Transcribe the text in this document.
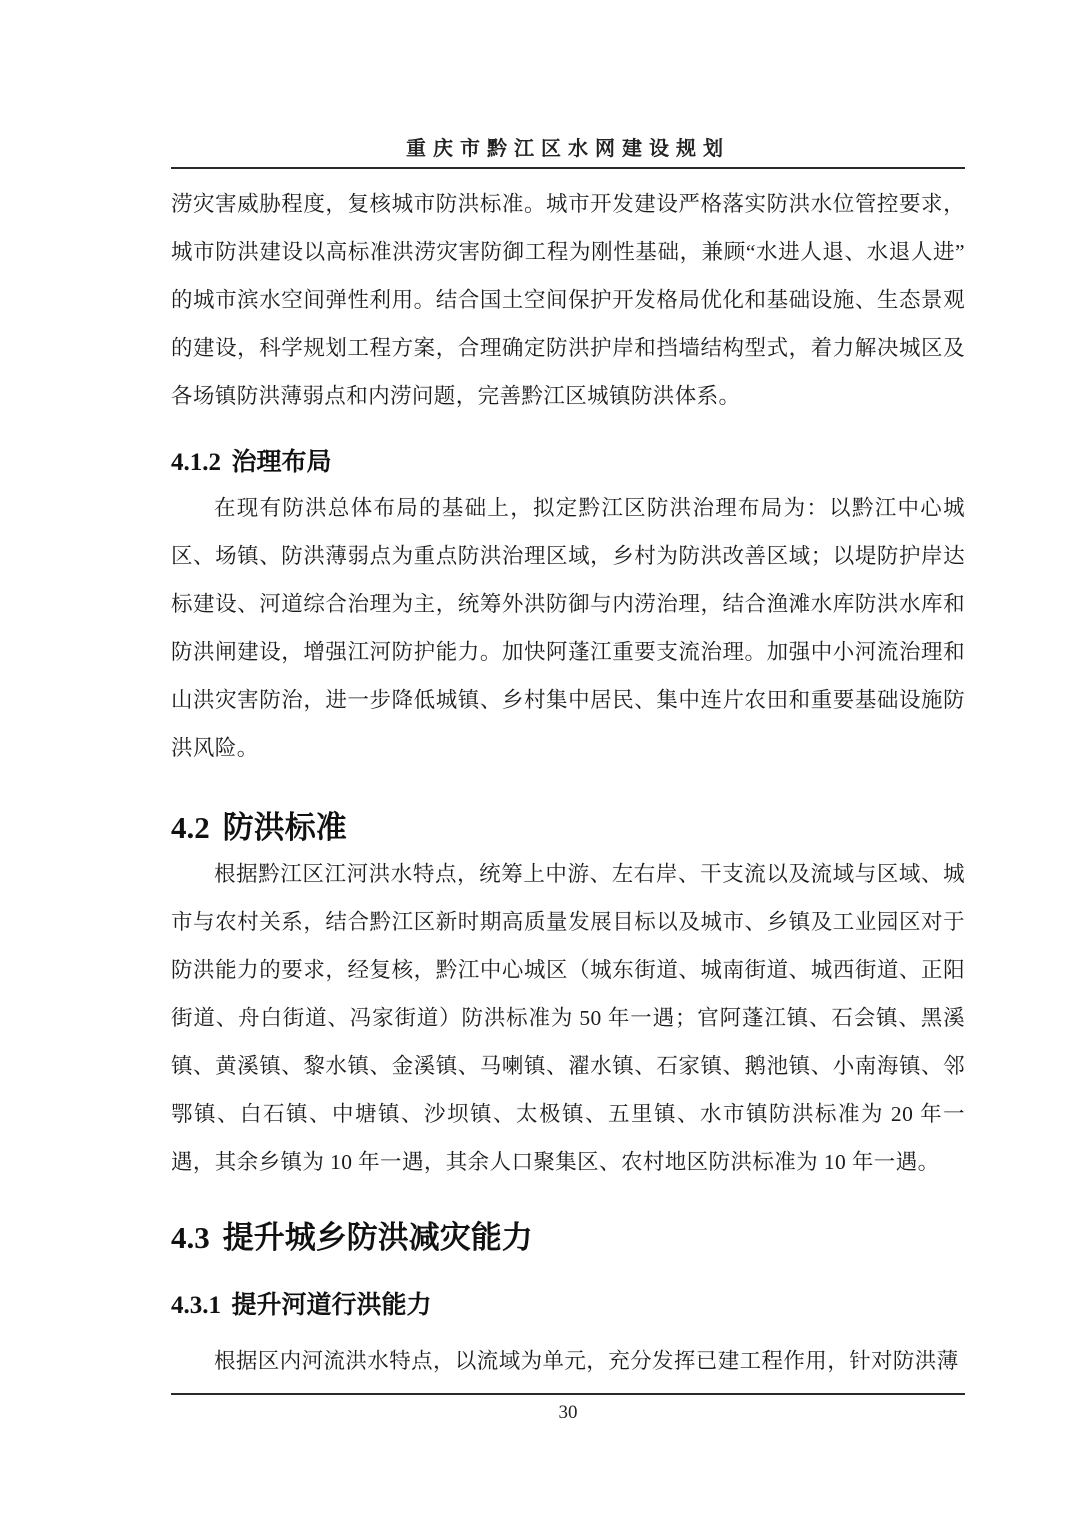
重庆市黔江区水网建设规划

涝灾害威胁程度，复核城市防洪标准。城市开发建设严格落实防洪水位管控要求，城市防洪建设以高标准洪涝灾害防御工程为刚性基础，兼顾“水进人退、水退人进”的城市滨水空间弹性利用。结合国土空间保护开发格局优化和基础设施、生态景观的建设，科学规划工程方案，合理确定防洪护岸和挡墙结构型式，着力解决城区及各场镇防洪薄弱点和内涝问题，完善黔江区城镇防洪体系。

4.1.2 治理布局

在现有防洪总体布局的基础上，拟定黔江区防洪治理布局为：以黔江中心城区、场镇、防洪薄弱点为重点防洪治理区域，乡村为防洪改善区域；以堤防护岸达标建设、河道综合治理为主，统筹外洪防御与内涝治理，结合渔滩水库防洪水库和防洪闸建设，增强江河防护能力。加快阿蓬江重要支流治理。加强中小河流治理和山洪灾害防治，进一步降低城镇、乡村集中居民、集中连片农田和重要基础设施防洪风险。

4.2 防洪标准

根据黔江区江河洪水特点，统筹上中游、左右岸、干支流以及流域与区域、城市与农村关系，结合黔江区新时期高质量发展目标以及城市、乡镇及工业园区对于防洪能力的要求，经复核，黔江中心城区（城东街道、城南街道、城西街道、正阳街道、舟白街道、冯家街道）防洪标准为 50 年一遇；官阿蓬江镇、石会镇、黑溪镇、黄溪镇、黎水镇、金溪镇、马喇镇、濯水镇、石家镇、鹅池镇、小南海镇、邻鄂镇、白石镇、中塘镇、沙坝镇、太极镇、五里镇、水市镇防洪标准为 20 年一遇，其余乡镇为 10 年一遇，其余人口聚集区、农村地区防洪标准为 10 年一遇。

4.3 提升城乡防洪减灾能力
4.3.1 提升河道行洪能力

根据区内河流洪水特点，以流域为单元，充分发挥已建工程作用，针对防洪薄

30
